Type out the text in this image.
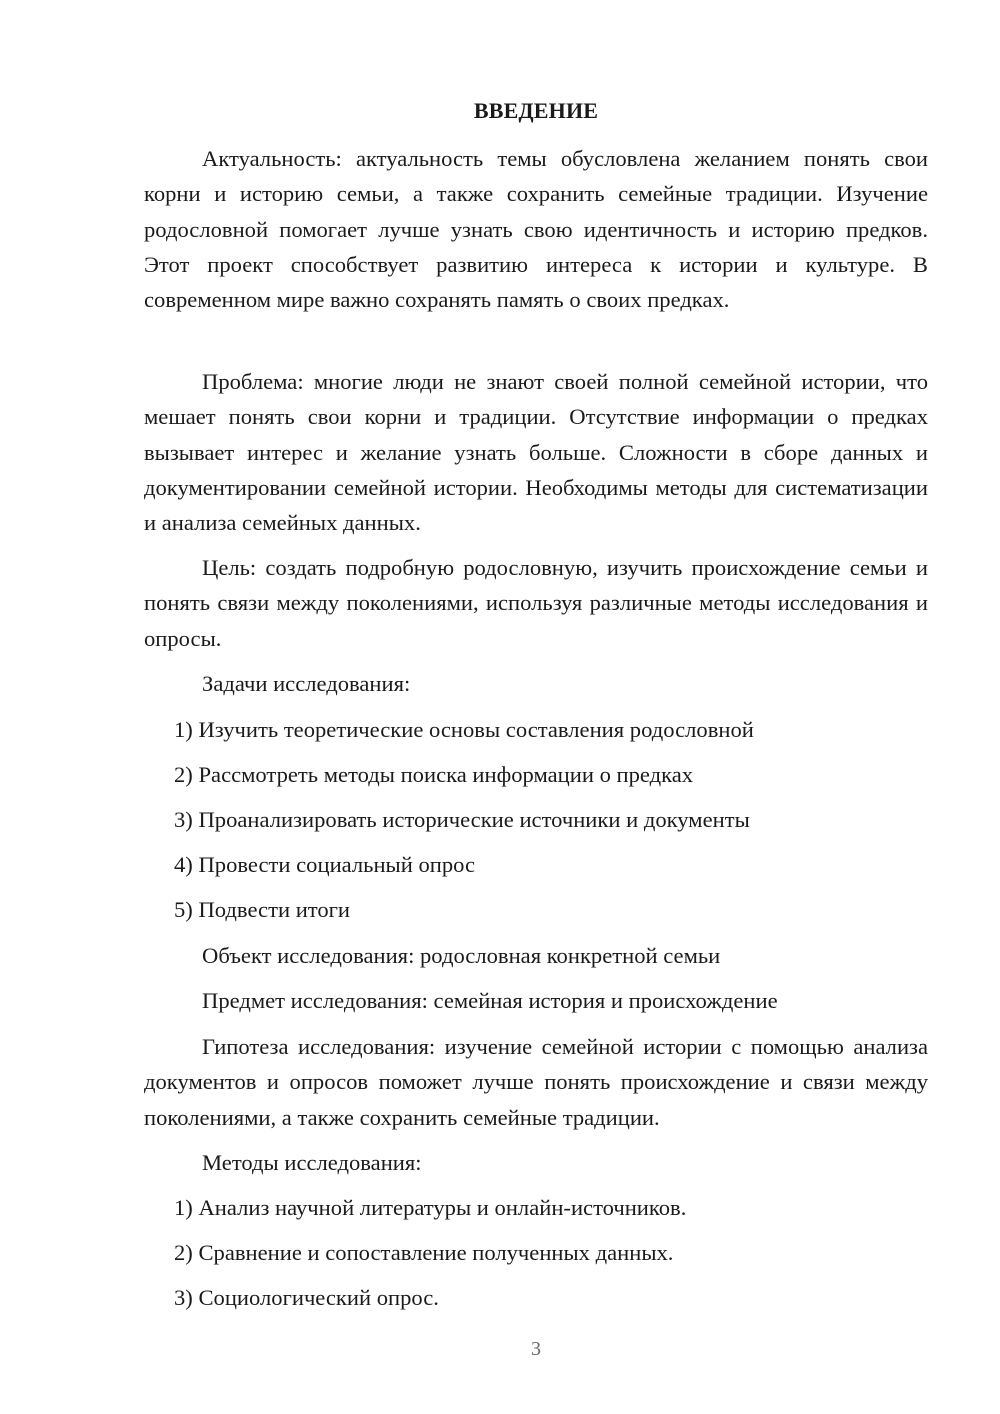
ВВЕДЕНИЕ

Актуальность: актуальность темы обусловлена желанием понять свои корни и историю семьи, а также сохранить семейные традиции. Изучение родословной помогает лучше узнать свою идентичность и историю предков. Этот проект способствует развитию интереса к истории и культуре. В современном мире важно сохранять память о своих предках.

Проблема: многие люди не знают своей полной семейной истории, что мешает понять свои корни и традиции. Отсутствие информации о предках вызывает интерес и желание узнать больше. Сложности в сборе данных и документировании семейной истории. Необходимы методы для систематизации и анализа семейных данных.

Цель: создать подробную родословную, изучить происхождение семьи и понять связи между поколениями, используя различные методы исследования и опросы.

Задачи исследования:

1) Изучить теоретические основы составления родословной

2) Рассмотреть методы поиска информации о предках

3) Проанализировать исторические источники и документы

4) Провести социальный опрос

5) Подвести итоги

Объект исследования: родословная конкретной семьи

Предмет исследования: семейная история и происхождение

Гипотеза исследования: изучение семейной истории с помощью анализа документов и опросов поможет лучше понять происхождение и связи между поколениями, а также сохранить семейные традиции.

Методы исследования:

1) Анализ научной литературы и онлайн-источников.

2) Сравнение и сопоставление полученных данных.

3) Социологический опрос.

3
